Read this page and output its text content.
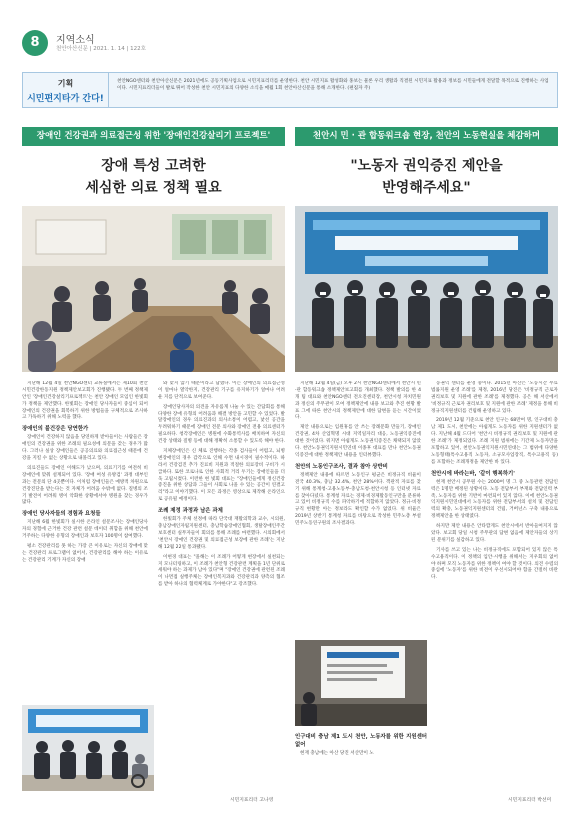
8	지역소식
천안아산신문 | 2021. 1. 14 | 122호
기획
시민편지타가 간다!
천안NGO센터와 천안아산신문은 2021년에도 공동기획사업으로 시민지표리더를 운영한다. 천안 시민지표 활성화와 홍보는 물론 우리 생활과 직결된 시민지표 활용과 정보를 시민들에게 전달할 목적으로 진행하는 사업이다. 시민지표리더들이 발로 뛰어 작성한 천안 시민지표의 다양한 소식을 매월 1회 천안아산신문을 통해 소개한다. (편집자 주)
장애인 건강권과 의료접근성 위한 '장애인건강살리기 프로젝트'	천안시 민 · 관 합동워크숍 현장, 천안의 노동현실을 체감하며
장애 특성 고려한
세심한 의료 정책 필요
"노동자 권익증진 제안을
반영해주세요"

지난해 12월 4일 천안NGO센터 교류실에서는 제10회 천안시민건강한동지원 정책제안보고회가 진행됐다. 두 번째 정책제안인 '장애인건강살리기프로젝트'는 천안 장애인 모임인 한빛회가 정책을 제안했다. 한빛회는 장애인 당사자들이 중심이 되어 장애인의 건강권을 회복하기 위한 방법들을 구체적으로 조사하고 가독하기 위해 노력을 했다.

장애인의 불건강은 당연한가

장애인이 건강하지 않음을 당연하게 받아들이는 사람들은 장애인의 건강권을 위한 조례의 필요성에 의문을 갖는 경우가 많다. 그러나 실상 장애인들은 공공의료와 의료접근성 때문에 건강을 지킬 수 없는 상황으로 내몰리고 있다.

의료진들도 장애인 이해도가 낮으며, 의료기기를 여전히 비장애인에 맞춰 설계되어 있다. '장애 여성 유방검' 과정 대부인과는 전문의 단 4곳뿐이다. 이처럼 장애인들은 예방적 차원으로 건강진단을 받는다는 것 자체가 어려움 수밖에 없다. 질병의 조기 발견이 어려워 병이 악화한 상황에서야 병원을 찾는 경우가 많다.

장애인 당사자들의 경험과 요청들

지난해 6월 한빛회가 실시한 온라인 설문조사는 장애인당사자의 경험에 근거한 건강 관련 설문 데이터 취합을 위해 천안에 거주하는 다양한 유형의 장애인과 보호자 100명이 참여했다.

평소 건강관리를 못 하는 가장 큰 이유로는 자신의 장애에 맞는 건강관리 프로그램이 없어서, 건강관리를 해야 하는 이유로는 건강관리 기계가 자신의 장애

와 맞지 않기 때문이라고 답했다. 이는 장애인의 의료접근성이 얼마나 열악한지, 건강관리 기구를 유지하기가 얼마나 어려운 지를 단적으로 보여준다.

장애인당사자의 의견을 자유롭게 나눌 수 있는 간담회를 통해 다양한 장애 유형의 어려움과 해결 방안을 고민할 수 있었다. 발달장애인의 경우 의료진과의 의사소통이 어렵고, 낯선 공간을 두려워하기 때문에 장애인 전문 의사와 장애인 전용 의료센터가 필요하다. 청각장애인은 병원에 수화통역사를 배치하여 자신의 건강 상태와 질병 등에 대해 정확히 소통할 수 있도록 해야 한다.

지체장애인은 신 체로 진행하는 각종 검사들이 어렵고, 뇌병변장애인의 경우 감각으로 인해 수면 내시경이 필수적이다. 따라서 건강검진 추가 진료비 지원과 적절한 의료장비 구비가 시급하다. 또한 코로나로 인한 사회적 거리 두기는 장애인들을 더욱 고립시켰다. 이런한 현 빛회 대표는 "장애인들에게 정신건강 증진을 위한 상담과 그들이 사회로 나올 수 있는 공간이 연결고리"라고 이야기했다. 이 모든 과정은 영상으로 제작해 온라인으로 공유될 예정이다.

조례 제정 과정과 남은 과제

한빛회가 주체 선정에 따라 단국대 재활의학과 교수, 시의원, 충남장애인자립지원센터, 충남학습장애인협회, 생탈장애인주간보호센터 실무자들이 회의를 통해 조례를 마련했다. 시의회에서 '천안시 장애인 건강권 및 의료접근성 보장에 관한 조례'는 지난해 12월 22일 통과됐다.

이현경 대표는 "올해는 이 조례가 어떻게 현장에서 실천되는지 모니터링하고, 이 조례가 천안형 건강관련 계획을 1년 단위로 세워야 하는 과제가 남아 있다"며 "장애인 건강권에 관련된 조례이 나면접 실행주체는 장애인복지과와 건강관리과 양측의 협조를 받아 하나의 협력체계로 가야한다"고 강조했다.

지난해 12월 4일(금) 오후 2시 천안NGO센터에서 천안시 민·관 합동워크숍 정책제안보고회를 개최했다. 정책 발의를 한 4개 팀 대표와 천안NGO센터 전오진센터장, 천안시청 자치민원과 정신의 주무관이 모여 정책제안에 내용 보고와 추진 현황 발표 그에 따른 천안시의 정책제안에 대한 답변을 듣는 시간이었다.

제안 내용으로는 임원휴를 안 쓰는 장례문화 만들기, 장애인 건강권, 4차 산업혁명 시대 지역일자리 대응, 노동권익증진에 대한 것이었다. 워지면 아쉽게도 노동권익증진은 채택되지 않았다. 천안노동권익지원시민연대 이종후 대표를 만나 천안노동권익증진에 대한 정책제안 내용을 인터뷰했다.

천안의 노동인구조사, 결과 참아 상반비

정책제안 내용에 따르면 노동인구 평균은 비정규직 비율이 전국 40.3%, 충남 32.4%, 천안 28%이다. 객관적 자료를 찾기 위해 통계청-고용노동부-충남도청-천안시청 등 인터넷 자료를 찾아다녔다. 통계청 자료는 경제·비경제활동인구만을 분류하고 있어 비정규직 수를 파악하기에 적합하지 않았다. 정규·비정규직 현황만 아는 정보라도 확인할 수가 없었다. 위 비율은 2019년 상반기 통계청 자료를 바탕으로 작성한 민주노총 부설 민주노동연구원의 조사결과다.

인구대비 충남 제1 도시 천안, 노동자를 위한 지원센터 없어

현재 충남에는 아산 당진 서산만이 노

동권익 센터를 운영 중이다. 2015년 아산은 '노동시간 무료법률지원 운영 조례'를 제정, 2016년 당진은 '비정규직 근로자 권리보호 및 지원에 관한 조례'를 제정했다. 공은 해 서산에서 '비정규직 근로자 권리보호 및 지원에 관한 조례' 제정을 통해 비정규직지원센터를 건립해 운영하고 있다.

2019년 12월 기준으로 천안 인구는 68만여 명, 인구대비 충남 제1 도시, 천안에는 아쉽게도 노동자를 위한 지원센터가 없다. 지난해 4월 드디어 '천안시 비정규직 권리보호 및 지원에 관한 조례'가 제정되었다. 조례 지원 범위에는 기간제 노동자만을 포함하고 있어, 천안노동권익지원시민연대는 그 범위에 다양한 노동형태(특수고용직 노동자, 소규모사업장직, 특수고용직 등)를 포함하는 조례개정을 제안한 바 있다.

천안시에 바라는바, '같이 행복하기'

현재 천안시 공무원 수는 2000여 명 그 중 노동관련 전담인력은 1명만 배정된 상황이다. 노동 전담부서 부재와 전담인력 부족, 노동자를 위한 기반이 마련되어 있지 않다. 이에 천안노동권익지원시민연대에서 노동자를 위한 전담부서의 설치 및 전담인력의 확충, 노동권익지원센터의 건립, 거버넌스 구축 내용으로 정책제안을 한 상태였다.

하지만 제안 내용은 안타깝게도 천안시에서 반아들여지지 않았다. 보고회 당일 시청 주무관의 답변 없음에 제안자들의 상기된 분위기를 실감하고 있다.

기사를 쓰고 있는 나는 비정규직에도 포함되어 있지 않은 특수고용직이다. 이 정책의 입안·시행을 위해서는 지우회의 없어야 하며 모직 노동자를 위한 정책이 여야 할 것이다. 의견 수렴의 중심에 '노동자'를 위한 비전이 우선시되어야 함을 간절히 바란다.

시민지표리더 고나영	시민지표리더 박선미
